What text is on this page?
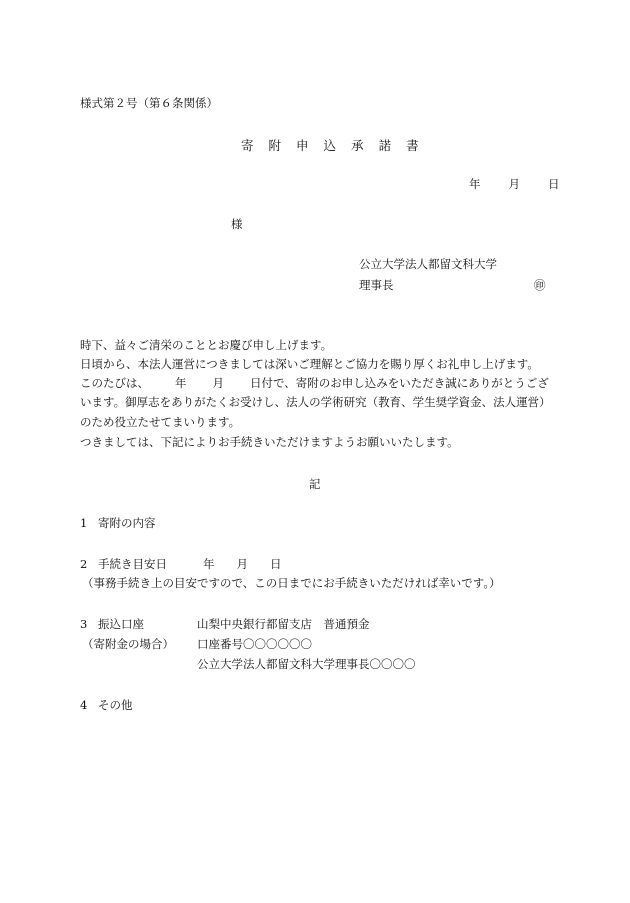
様式第２号（第６条関係）
寄 附 申 込 承 諾 書
年 月 日
様
公立大学法人都留文科大学
理事長	㊞
時下、益々ご清栄のこととお慶び申し上げます。
日頃から、本法人運営につきましては深いご理解とご協力を賜り厚くお礼申し上げます。
このたびは、 年 月 日付で、寄附のお申し込みをいただき誠にありがとうござ
います。御厚志をありがたくお受けし、法人の学術研究（教育、学生奨学資金、法人運営）
のため役立たせてまいります。
つきましては、下記によりお手続きいただけますようお願いいたします。
記
1 寄附の内容
2 手続き目安日	年 月 日
（事務手続き上の目安ですので、この日までにお手続きいただければ幸いです。）
3 振込口座	山梨中央銀行都留支店　普通預金
（寄附金の場合） 口座番号〇〇〇〇〇〇
公立大学法人都留文科大学理事長〇〇〇〇
4 その他
